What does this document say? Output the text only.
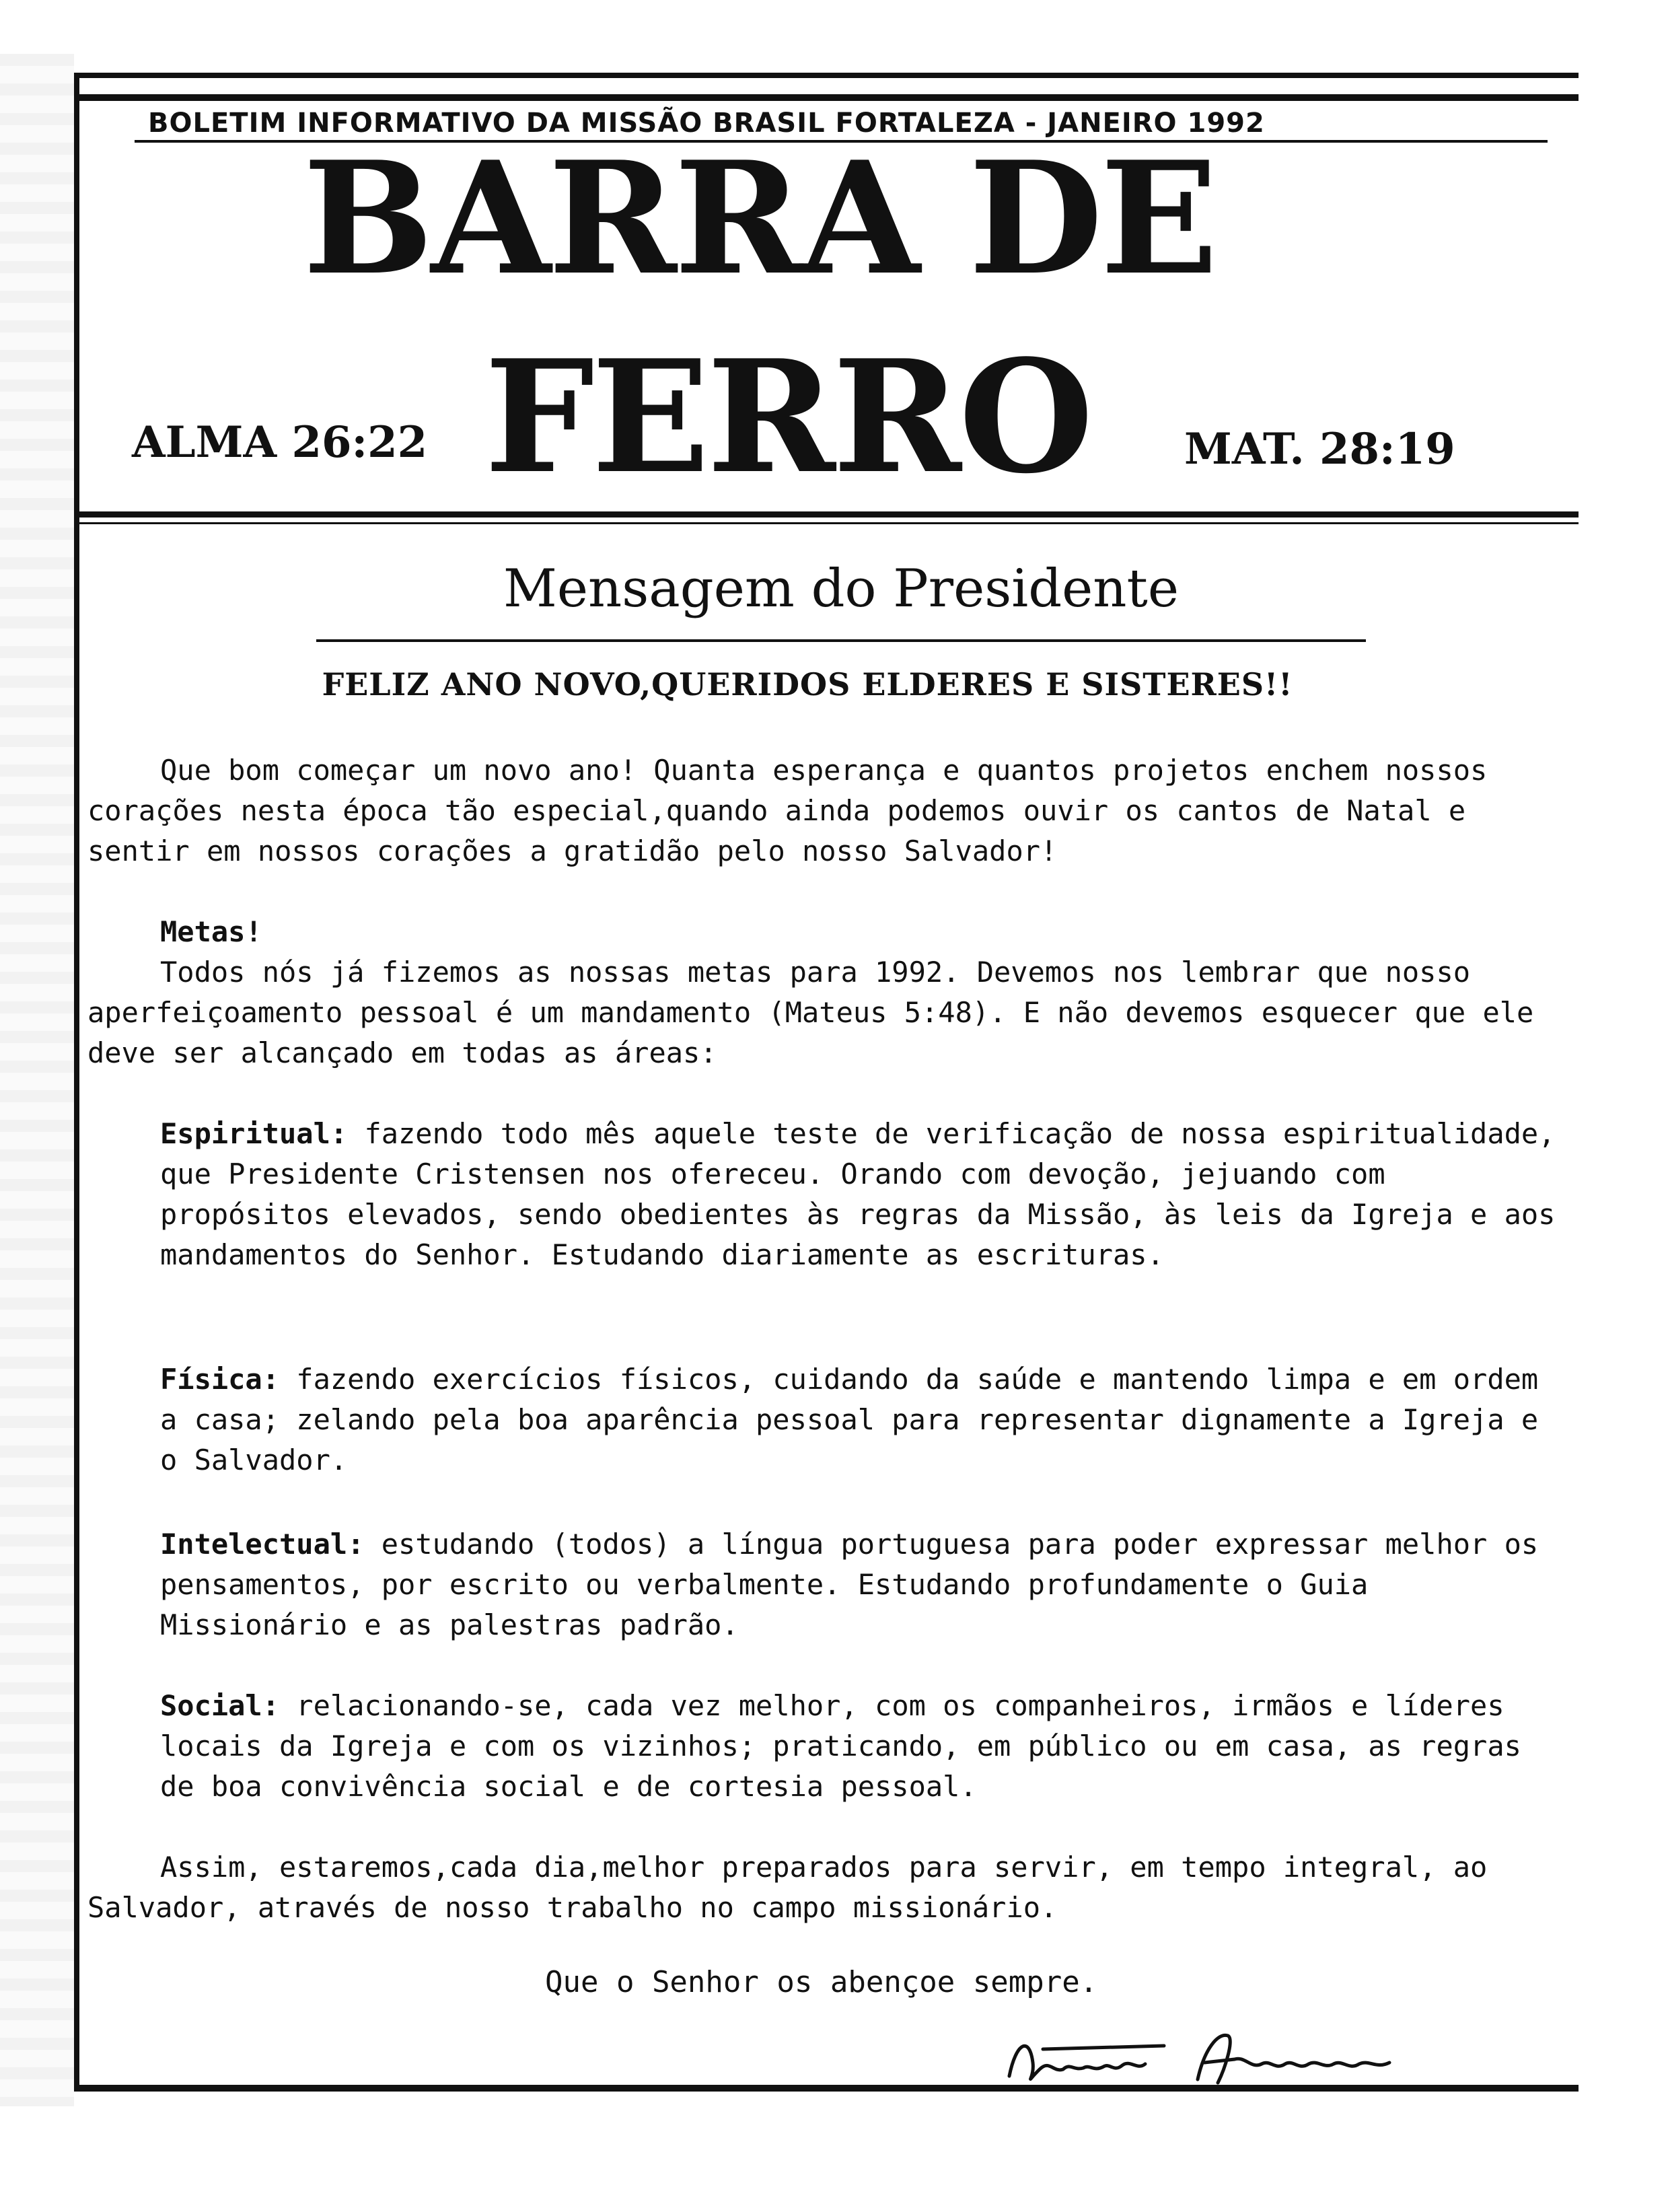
BOLETIM INFORMATIVO DA MISSÃO BRASIL FORTALEZA - JANEIRO 1992
BARRA DE
FERRO
ALMA 26:22	MAT. 28:19
Mensagem do Presidente
FELIZ ANO NOVO,QUERIDOS ELDERES E SISTERES!!

Que bom começar um novo ano! Quanta esperança e quantos projetos enchem nossos corações nesta época tão especial,quando ainda podemos ouvir os cantos de Natal e sentir em nossos corações a gratidão pelo nosso Salvador!

Metas!

Todos nós já fizemos as nossas metas para 1992. Devemos nos lembrar que nosso aperfeiçoamento pessoal é um mandamento (Mateus 5:48). E não devemos esquecer que ele deve ser alcançado em todas as áreas:

Espiritual: fazendo todo mês aquele teste de verificação de nossa espiritualidade, que Presidente Cristensen nos ofereceu. Orando com devoção, jejuando com propósitos elevados, sendo obedientes às regras da Missão, às leis da Igreja e aos mandamentos do Senhor. Estudando diariamente as escrituras.

Física: fazendo exercícios físicos, cuidando da saúde e mantendo limpa e em ordem a casa; zelando pela boa aparência pessoal para representar dignamente a Igreja e o Salvador.

Intelectual: estudando (todos) a língua portuguesa para poder expressar melhor os pensamentos, por escrito ou verbalmente. Estudando profundamente o Guia Missionário e as palestras padrão.

Social: relacionando-se, cada vez melhor, com os companheiros, irmãos e líderes locais da Igreja e com os vizinhos; praticando, em público ou em casa, as regras de boa convivência social e de cortesia pessoal.

Assim, estaremos,cada dia,melhor preparados para servir, em tempo integral, ao Salvador, através de nosso trabalho no campo missionário.

Que o Senhor os abençoe sempre.
